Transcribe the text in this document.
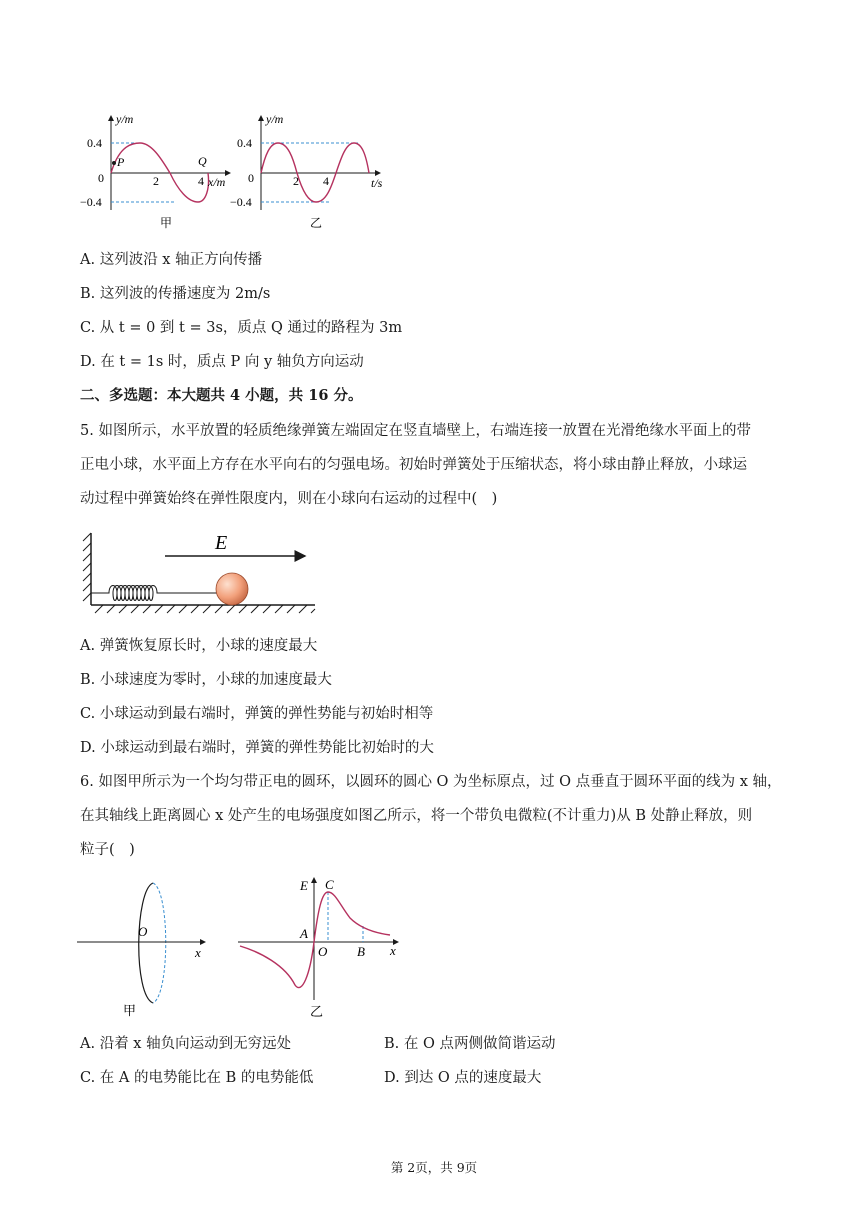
y/m
0.4
0
−0.4
2	4 x/m
P	Q
甲
y/m
0.4
0
−0.4
2 4	t/s
乙
A. 这列波沿 x 轴正方向传播
B. 这列波的传播速度为 2m/s
C. 从 t = 0 到 t = 3s，质点 Q 通过的路程为 3m
D. 在 t = 1s 时，质点 P 向 y 轴负方向运动
二、多选题：本大题共 4 小题，共 16 分。
5. 如图所示，水平放置的轻质绝缘弹簧左端固定在竖直墙壁上，右端连接一放置在光滑绝缘水平面上的带
正电小球，水平面上方存在水平向右的匀强电场。初始时弹簧处于压缩状态，将小球由静止释放，小球运
动过程中弹簧始终在弹性限度内，则在小球向右运动的过程中(　)
E
A. 弹簧恢复原长时，小球的速度最大
B. 小球速度为零时，小球的加速度最大
C. 小球运动到最右端时，弹簧的弹性势能与初始时相等
D. 小球运动到最右端时，弹簧的弹性势能比初始时的大
6. 如图甲所示为一个均匀带正电的圆环，以圆环的圆心 O 为坐标原点，过 O 点垂直于圆环平面的线为 x 轴，
在其轴线上距离圆心 x 处产生的电场强度如图乙所示，将一个带负电微粒(不计重力)从 B 处静止释放，则
粒子(　)
O
x
甲
E
x
C
A
O B
乙
A. 沿着 x 轴负向运动到无穷远处	B. 在 O 点两侧做简谐运动
C. 在 A 的电势能比在 B 的电势能低	D. 到达 O 点的速度最大
第 2页，共 9页
